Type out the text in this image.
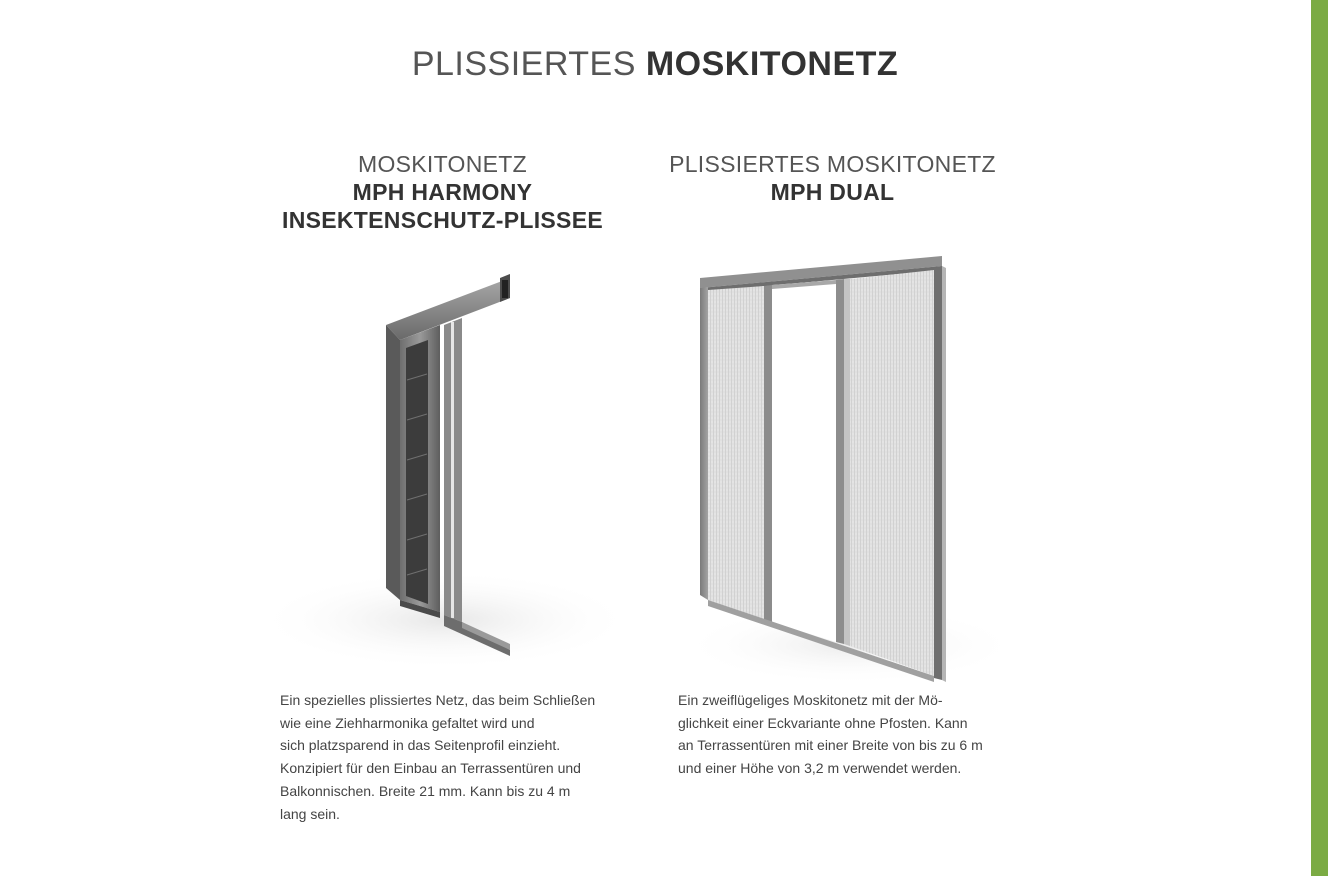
PLISSIERTES MOSKITONETZ
MOSKITONETZ
MPH HARMONY
INSEKTENSCHUTZ-PLISSEE
Ein spezielles plissiertes Netz, das beim Schließen
wie eine Ziehharmonika gefaltet wird und
sich platzsparend in das Seitenprofil einzieht.
Konzipiert für den Einbau an Terrassentüren und
Balkonnischen. Breite 21 mm. Kann bis zu 4 m
lang sein.
PLISSIERTES MOSKITONETZ
MPH DUAL
Ein zweiflügeliges Moskitonetz mit der Mö-
glichkeit einer Eckvariante ohne Pfosten. Kann
an Terrassentüren mit einer Breite von bis zu 6 m
und einer Höhe von 3,2 m verwendet werden.
